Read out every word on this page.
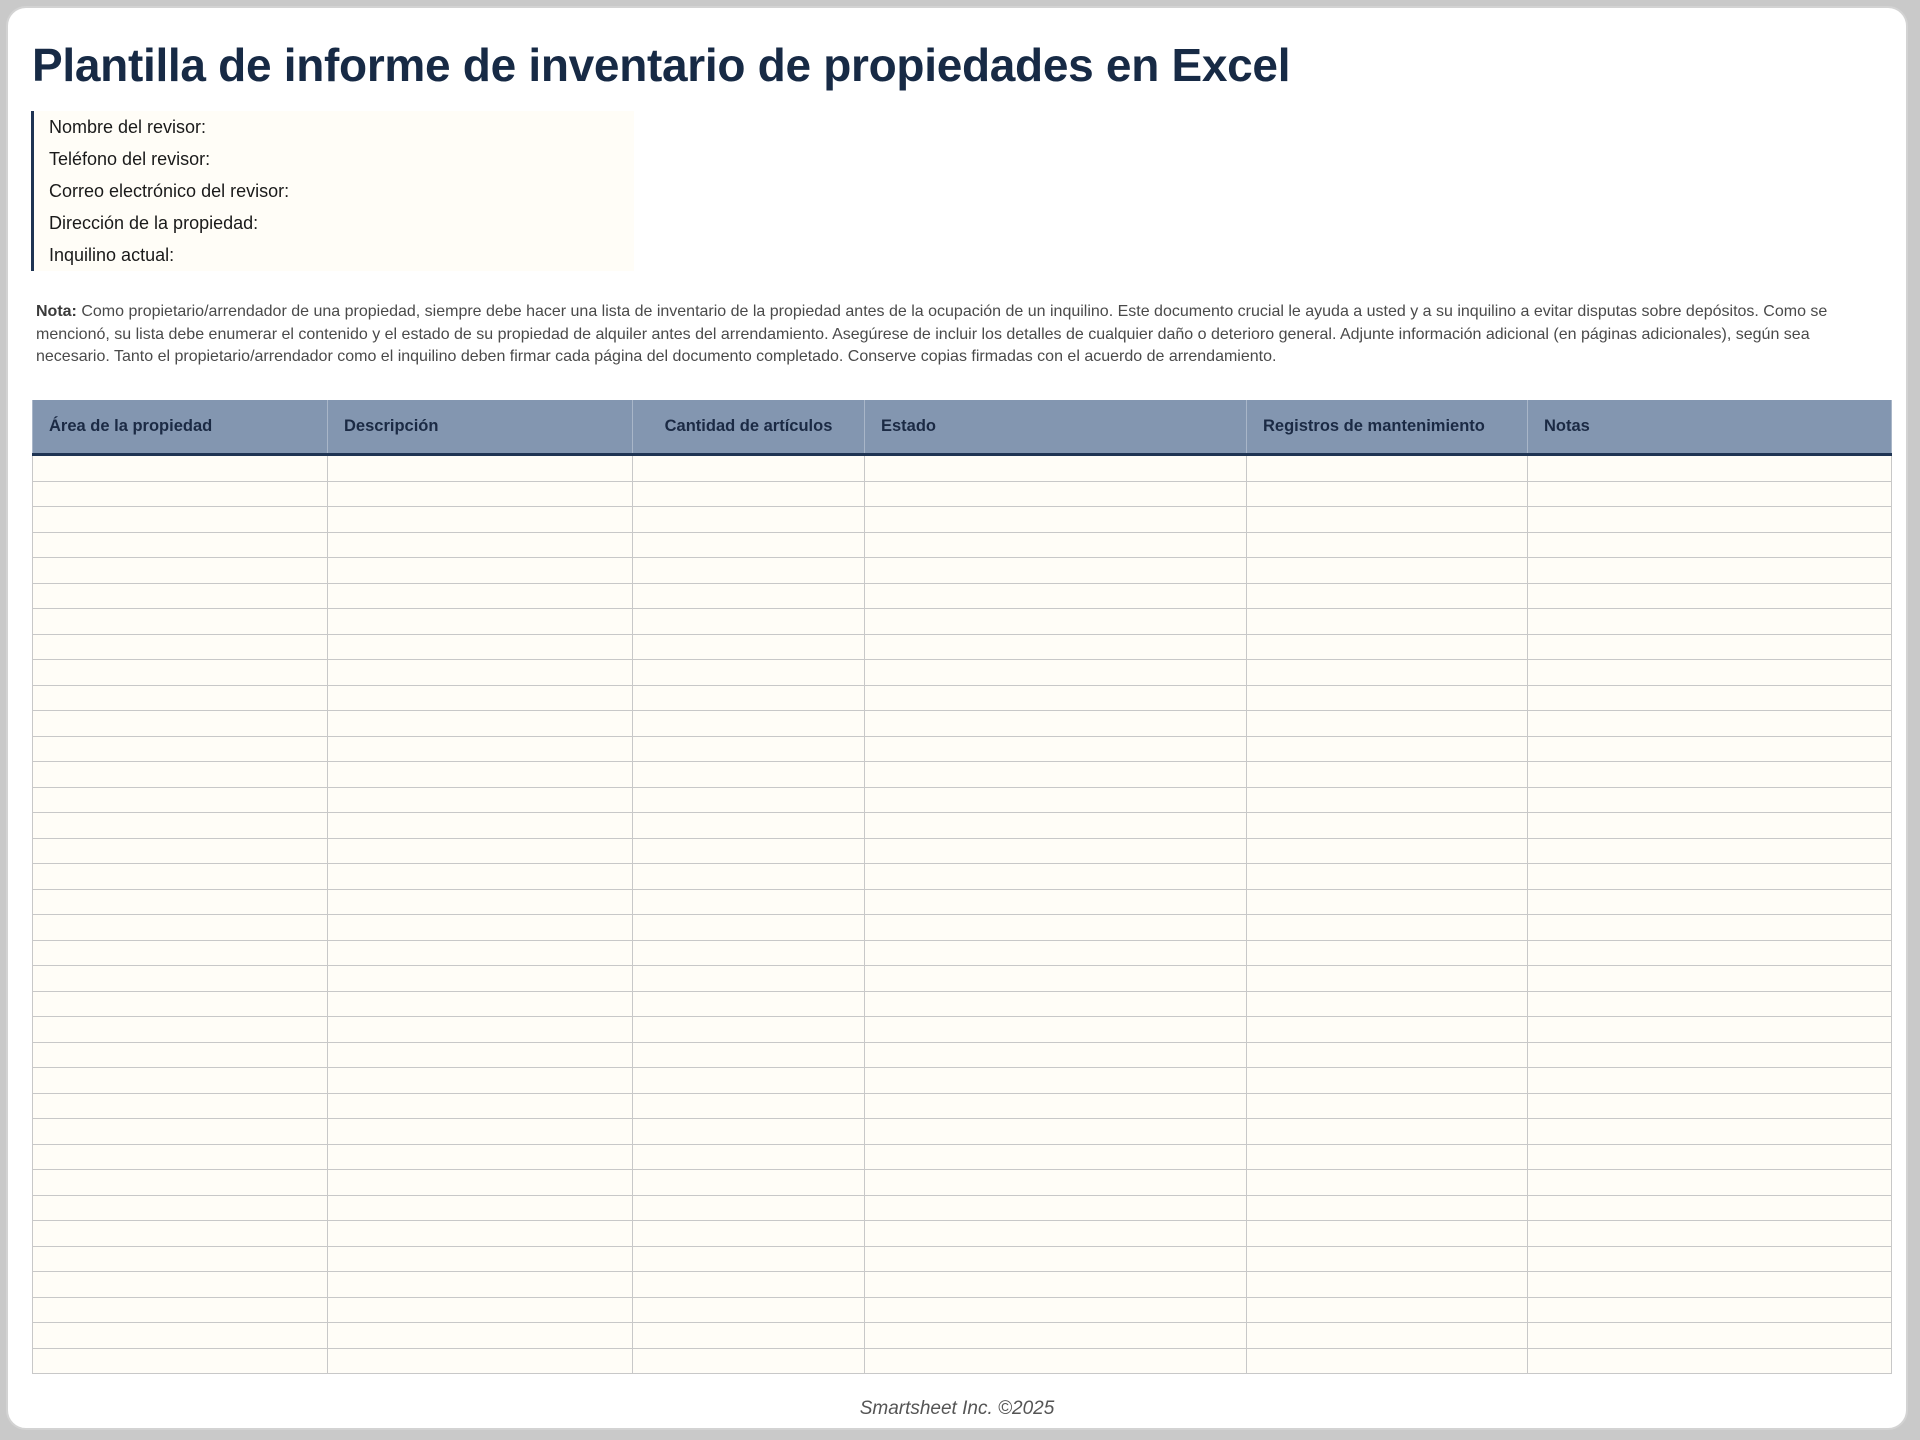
Plantilla de informe de inventario de propiedades en Excel
Nombre del revisor:
Teléfono del revisor:
Correo electrónico del revisor:
Dirección de la propiedad:
Inquilino actual:

Nota: Como propietario/arrendador de una propiedad, siempre debe hacer una lista de inventario de la propiedad antes de la ocupación de un inquilino. Este documento crucial le ayuda a usted y a su inquilino a evitar disputas sobre depósitos. Como se mencionó, su lista debe enumerar el contenido y el estado de su propiedad de alquiler antes del arrendamiento. Asegúrese de incluir los detalles de cualquier daño o deterioro general. Adjunte información adicional (en páginas adicionales), según sea necesario. Tanto el propietario/arrendador como el inquilino deben firmar cada página del documento completado. Conserve copias firmadas con el acuerdo de arrendamiento.

Área de la propiedad	Descripción	Cantidad de artículos	Estado	Registros de mantenimiento	Notas

Smartsheet Inc. ©2025
